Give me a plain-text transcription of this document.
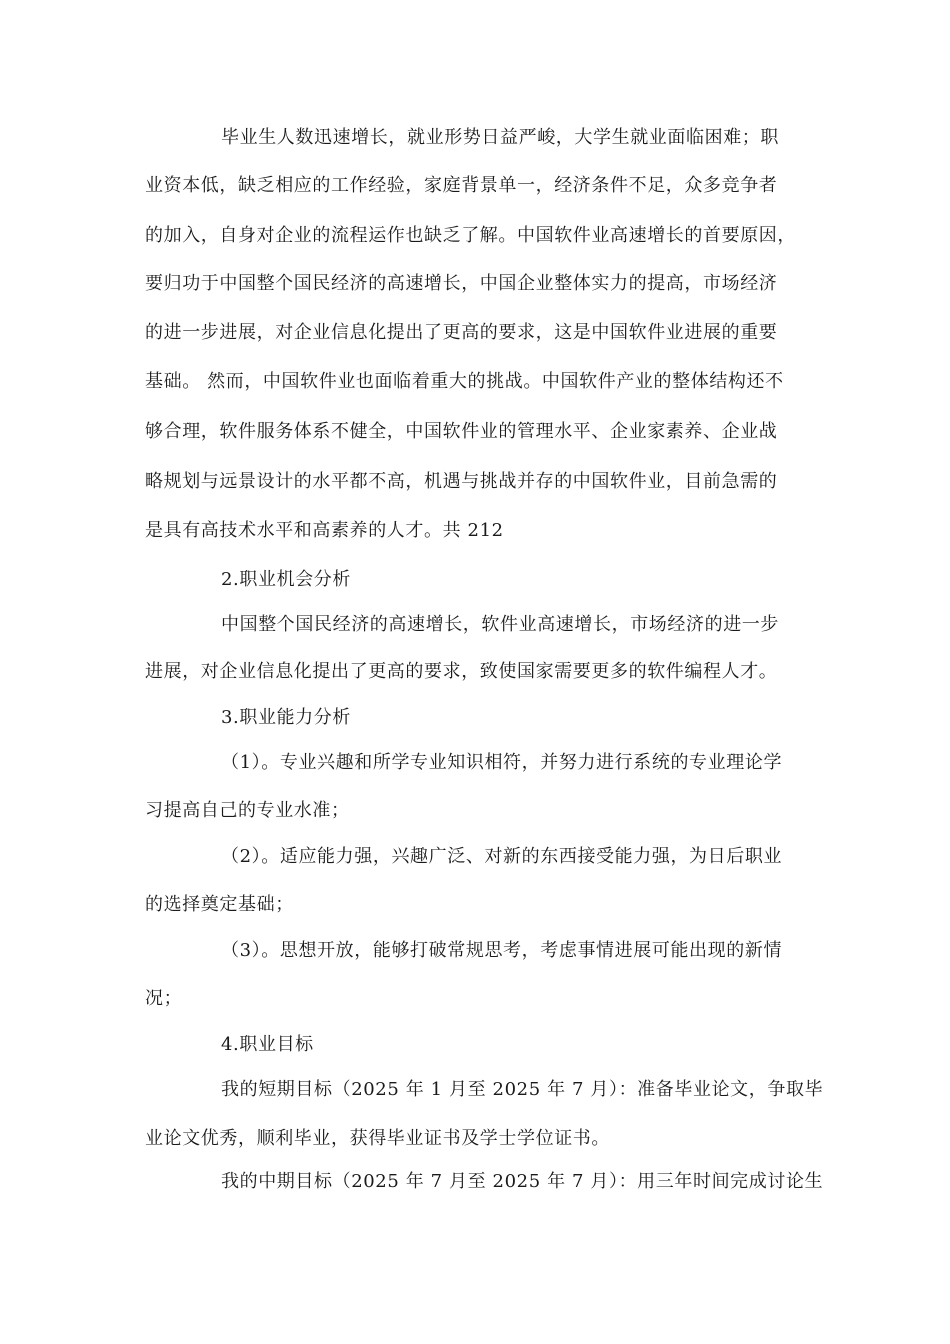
毕业生人数迅速增长，就业形势日益严峻，大学生就业面临困难；职
业资本低，缺乏相应的工作经验，家庭背景单一，经济条件不足，众多竞争者
的加入，自身对企业的流程运作也缺乏了解。中国软件业高速增长的首要原因，
要归功于中国整个国民经济的高速增长，中国企业整体实力的提高，市场经济
的进一步进展，对企业信息化提出了更高的要求，这是中国软件业进展的重要
基础。 然而，中国软件业也面临着重大的挑战。中国软件产业的整体结构还不
够合理，软件服务体系不健全，中国软件业的管理水平、企业家素养、企业战
略规划与远景设计的水平都不高，机遇与挑战并存的中国软件业，目前急需的
是具有高技术水平和高素养的人才。共 212
2.职业机会分析
中国整个国民经济的高速增长，软件业高速增长，市场经济的进一步
进展，对企业信息化提出了更高的要求，致使国家需要更多的软件编程人才。
3.职业能力分析
（1）。专业兴趣和所学专业知识相符，并努力进行系统的专业理论学
习提高自己的专业水准；
（2）。适应能力强，兴趣广泛、对新的东西接受能力强，为日后职业
的选择奠定基础；
（3）。思想开放，能够打破常规思考，考虑事情进展可能出现的新情
况；
4.职业目标
我的短期目标（2025 年 1 月至 2025 年 7 月）：准备毕业论文，争取毕
业论文优秀，顺利毕业，获得毕业证书及学士学位证书。
我的中期目标（2025 年 7 月至 2025 年 7 月）：用三年时间完成讨论生
